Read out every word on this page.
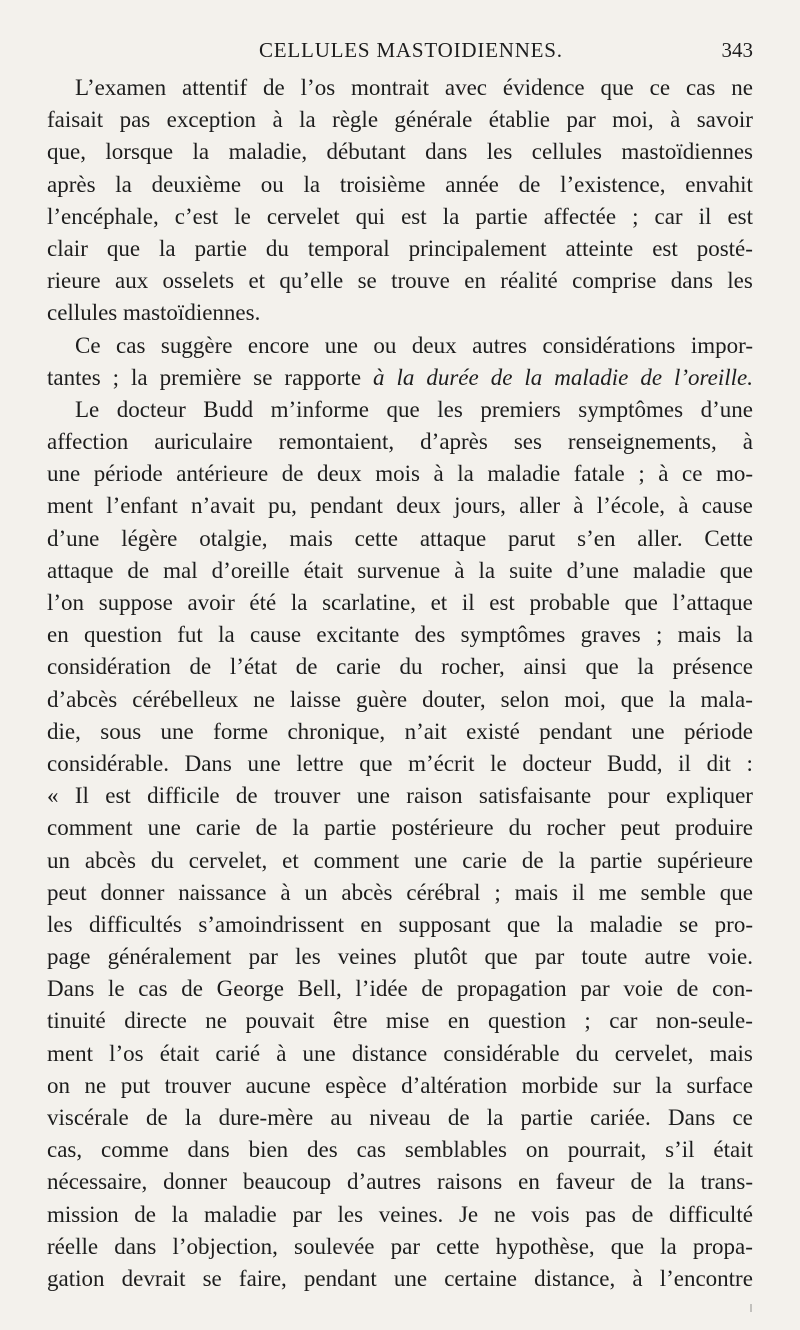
CELLULES MASTOIDIENNES.	343
L’examen attentif de l’os montrait avec évidence que ce cas ne
faisait pas exception à la règle générale établie par moi, à savoir
que, lorsque la maladie, débutant dans les cellules mastoïdiennes
après la deuxième ou la troisième année de l’existence, envahit
l’encéphale, c’est le cervelet qui est la partie affectée ; car il est
clair que la partie du temporal principalement atteinte est posté-
rieure aux osselets et qu’elle se trouve en réalité comprise dans les
cellules mastoïdiennes.
Ce cas suggère encore une ou deux autres considérations impor-
tantes ; la première se rapporte à la durée de la maladie de l’oreille.
Le docteur Budd m’informe que les premiers symptômes d’une
affection auriculaire remontaient, d’après ses renseignements, à
une période antérieure de deux mois à la maladie fatale ; à ce mo-
ment l’enfant n’avait pu, pendant deux jours, aller à l’école, à cause
d’une légère otalgie, mais cette attaque parut s’en aller. Cette
attaque de mal d’oreille était survenue à la suite d’une maladie que
l’on suppose avoir été la scarlatine, et il est probable que l’attaque
en question fut la cause excitante des symptômes graves ; mais la
considération de l’état de carie du rocher, ainsi que la présence
d’abcès cérébelleux ne laisse guère douter, selon moi, que la mala-
die, sous une forme chronique, n’ait existé pendant une période
considérable. Dans une lettre que m’écrit le docteur Budd, il dit :
« Il est difficile de trouver une raison satisfaisante pour expliquer
comment une carie de la partie postérieure du rocher peut produire
un abcès du cervelet, et comment une carie de la partie supérieure
peut donner naissance à un abcès cérébral ; mais il me semble que
les difficultés s’amoindrissent en supposant que la maladie se pro-
page généralement par les veines plutôt que par toute autre voie.
Dans le cas de George Bell, l’idée de propagation par voie de con-
tinuité directe ne pouvait être mise en question ; car non-seule-
ment l’os était carié à une distance considérable du cervelet, mais
on ne put trouver aucune espèce d’altération morbide sur la surface
viscérale de la dure-mère au niveau de la partie cariée. Dans ce
cas, comme dans bien des cas semblables on pourrait, s’il était
nécessaire, donner beaucoup d’autres raisons en faveur de la trans-
mission de la maladie par les veines. Je ne vois pas de difficulté
réelle dans l’objection, soulevée par cette hypothèse, que la propa-
gation devrait se faire, pendant une certaine distance, à l’encontre
